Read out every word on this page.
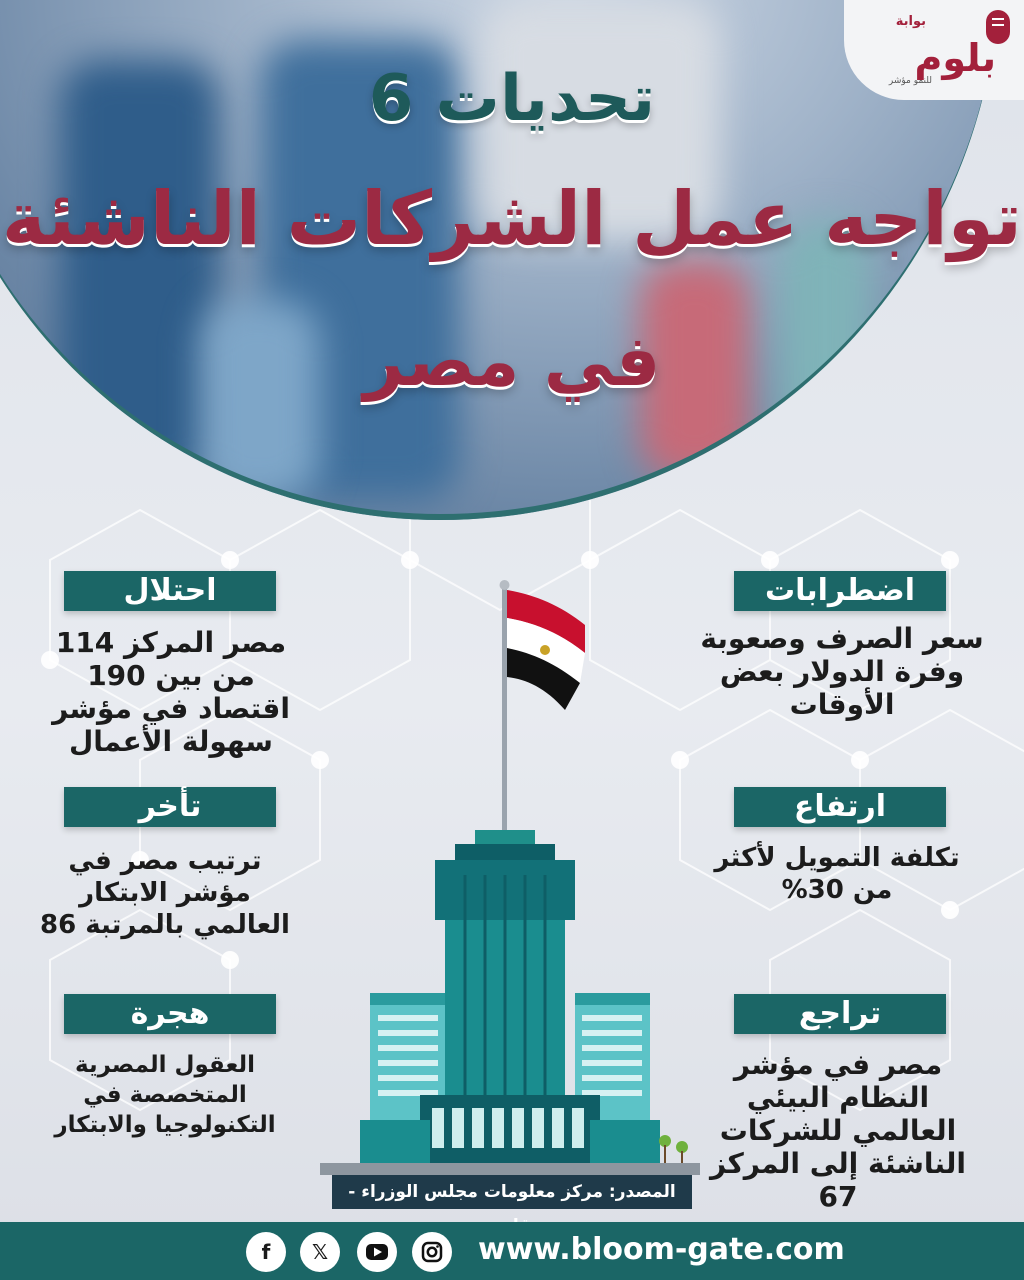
بوابة
بلوم
للنمو مؤشر
6 تحديات
تواجه عمل الشركات الناشئة
في مصر
اضطرابات
سعر الصرف وصعوبة وفرة الدولار بعض الأوقات
ارتفاع
تكلفة التمويل لأكثر من 30%
تراجع
مصر في مؤشر النظام البيئي العالمي للشركات الناشئة إلى المركز 67
احتلال
مصر المركز 114 من بين 190 اقتصاد في مؤشر سهولة الأعمال
تأخر
ترتيب مصر في مؤشر الابتكار العالمي بالمرتبة 86
هجرة
العقول المصرية المتخصصة في التكنولوجيا والابتكار
المصدر: مركز معلومات مجلس الوزراء -
f	𝕏	www.bloom-gate.com
